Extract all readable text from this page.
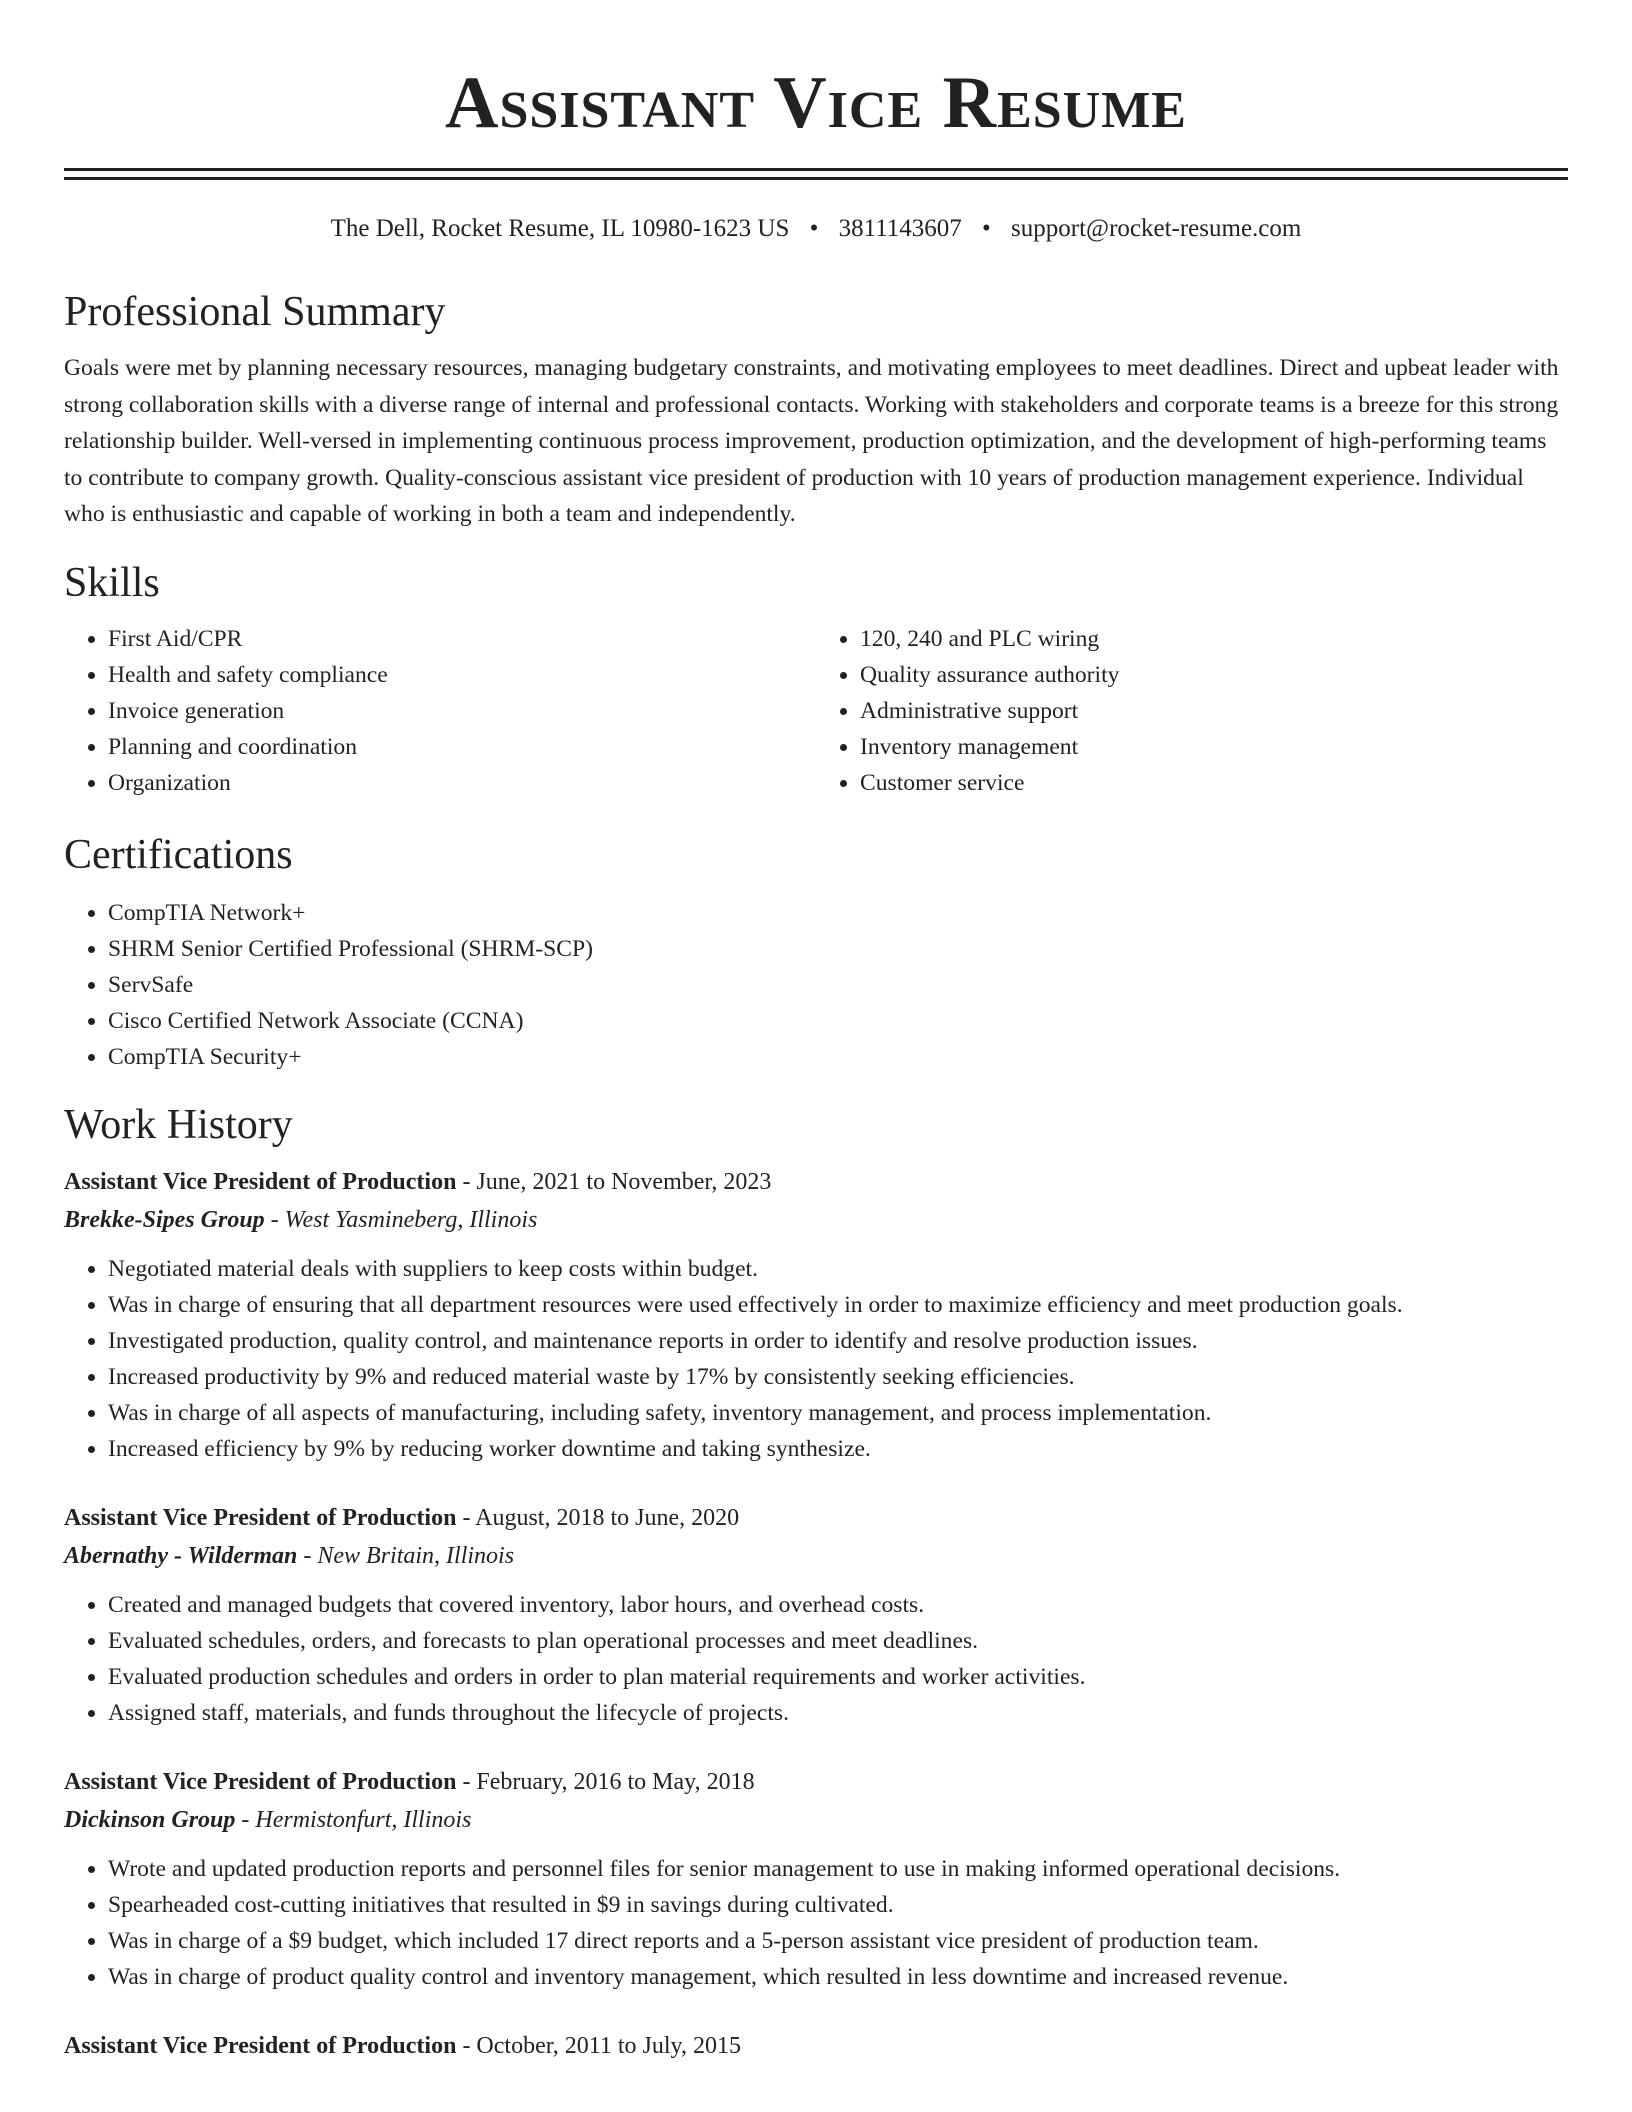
Assistant Vice Resume
The Dell, Rocket Resume, IL 10980-1623 US • 3811143607 • support@rocket-resume.com
Professional Summary
Goals were met by planning necessary resources, managing budgetary constraints, and motivating employees to meet deadlines. Direct and upbeat leader with strong collaboration skills with a diverse range of internal and professional contacts. Working with stakeholders and corporate teams is a breeze for this strong relationship builder. Well-versed in implementing continuous process improvement, production optimization, and the development of high-performing teams to contribute to company growth. Quality-conscious assistant vice president of production with 10 years of production management experience. Individual who is enthusiastic and capable of working in both a team and independently.
Skills
• First Aid/CPR
• Health and safety compliance
• Invoice generation
• Planning and coordination
• Organization
• 120, 240 and PLC wiring
• Quality assurance authority
• Administrative support
• Inventory management
• Customer service
Certifications
• CompTIA Network+
• SHRM Senior Certified Professional (SHRM-SCP)
• ServSafe
• Cisco Certified Network Associate (CCNA)
• CompTIA Security+
Work History
Assistant Vice President of Production - June, 2021 to November, 2023
Brekke-Sipes Group - West Yasmineberg, Illinois
• Negotiated material deals with suppliers to keep costs within budget.
• Was in charge of ensuring that all department resources were used effectively in order to maximize efficiency and meet production goals.
• Investigated production, quality control, and maintenance reports in order to identify and resolve production issues.
• Increased productivity by 9% and reduced material waste by 17% by consistently seeking efficiencies.
• Was in charge of all aspects of manufacturing, including safety, inventory management, and process implementation.
• Increased efficiency by 9% by reducing worker downtime and taking synthesize.
Assistant Vice President of Production - August, 2018 to June, 2020
Abernathy - Wilderman - New Britain, Illinois
• Created and managed budgets that covered inventory, labor hours, and overhead costs.
• Evaluated schedules, orders, and forecasts to plan operational processes and meet deadlines.
• Evaluated production schedules and orders in order to plan material requirements and worker activities.
• Assigned staff, materials, and funds throughout the lifecycle of projects.
Assistant Vice President of Production - February, 2016 to May, 2018
Dickinson Group - Hermistonfurt, Illinois
• Wrote and updated production reports and personnel files for senior management to use in making informed operational decisions.
• Spearheaded cost-cutting initiatives that resulted in $9 in savings during cultivated.
• Was in charge of a $9 budget, which included 17 direct reports and a 5-person assistant vice president of production team.
• Was in charge of product quality control and inventory management, which resulted in less downtime and increased revenue.
Assistant Vice President of Production - October, 2011 to July, 2015
